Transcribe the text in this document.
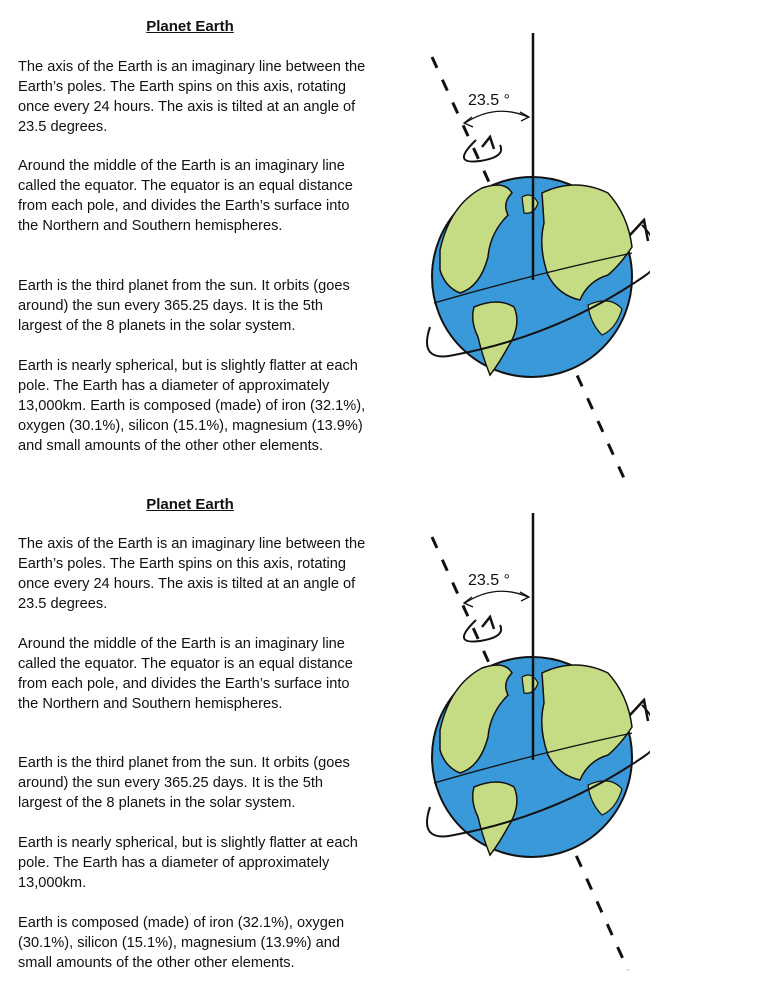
Planet Earth

The axis of the Earth is an imaginary line between the Earth’s poles. The Earth spins on this axis, rotating once every 24 hours. The axis is tilted at an angle of 23.5 degrees.

Around the middle of the Earth is an imaginary line called the equator. The equator is an equal distance from each pole, and divides the Earth’s surface into the Northern and Southern hemispheres.

Earth is the third planet from the sun. It orbits (goes around) the sun every 365.25 days. It is the 5th largest of the 8 planets in the solar system.

Earth is nearly spherical, but is slightly flatter at each pole. The Earth has a diameter of approximately 13,000km. Earth is composed (made) of iron (32.1%), oxygen (30.1%), silicon (15.1%), magnesium (13.9%) and small amounts of the other other elements.

23.5 °
Planet Earth

The axis of the Earth is an imaginary line between the Earth’s poles. The Earth spins on this axis, rotating once every 24 hours. The axis is tilted at an angle of 23.5 degrees.

Around the middle of the Earth is an imaginary line called the equator. The equator is an equal distance from each pole, and divides the Earth’s surface into the Northern and Southern hemispheres.

Earth is the third planet from the sun. It orbits (goes around) the sun every 365.25 days. It is the 5th largest of the 8 planets in the solar system.

Earth is nearly spherical, but is slightly flatter at each pole. The Earth has a diameter of approximately 13,000km.

Earth is composed (made) of iron (32.1%), oxygen (30.1%), silicon (15.1%), magnesium (13.9%) and small amounts of the other other elements.

23.5 °
